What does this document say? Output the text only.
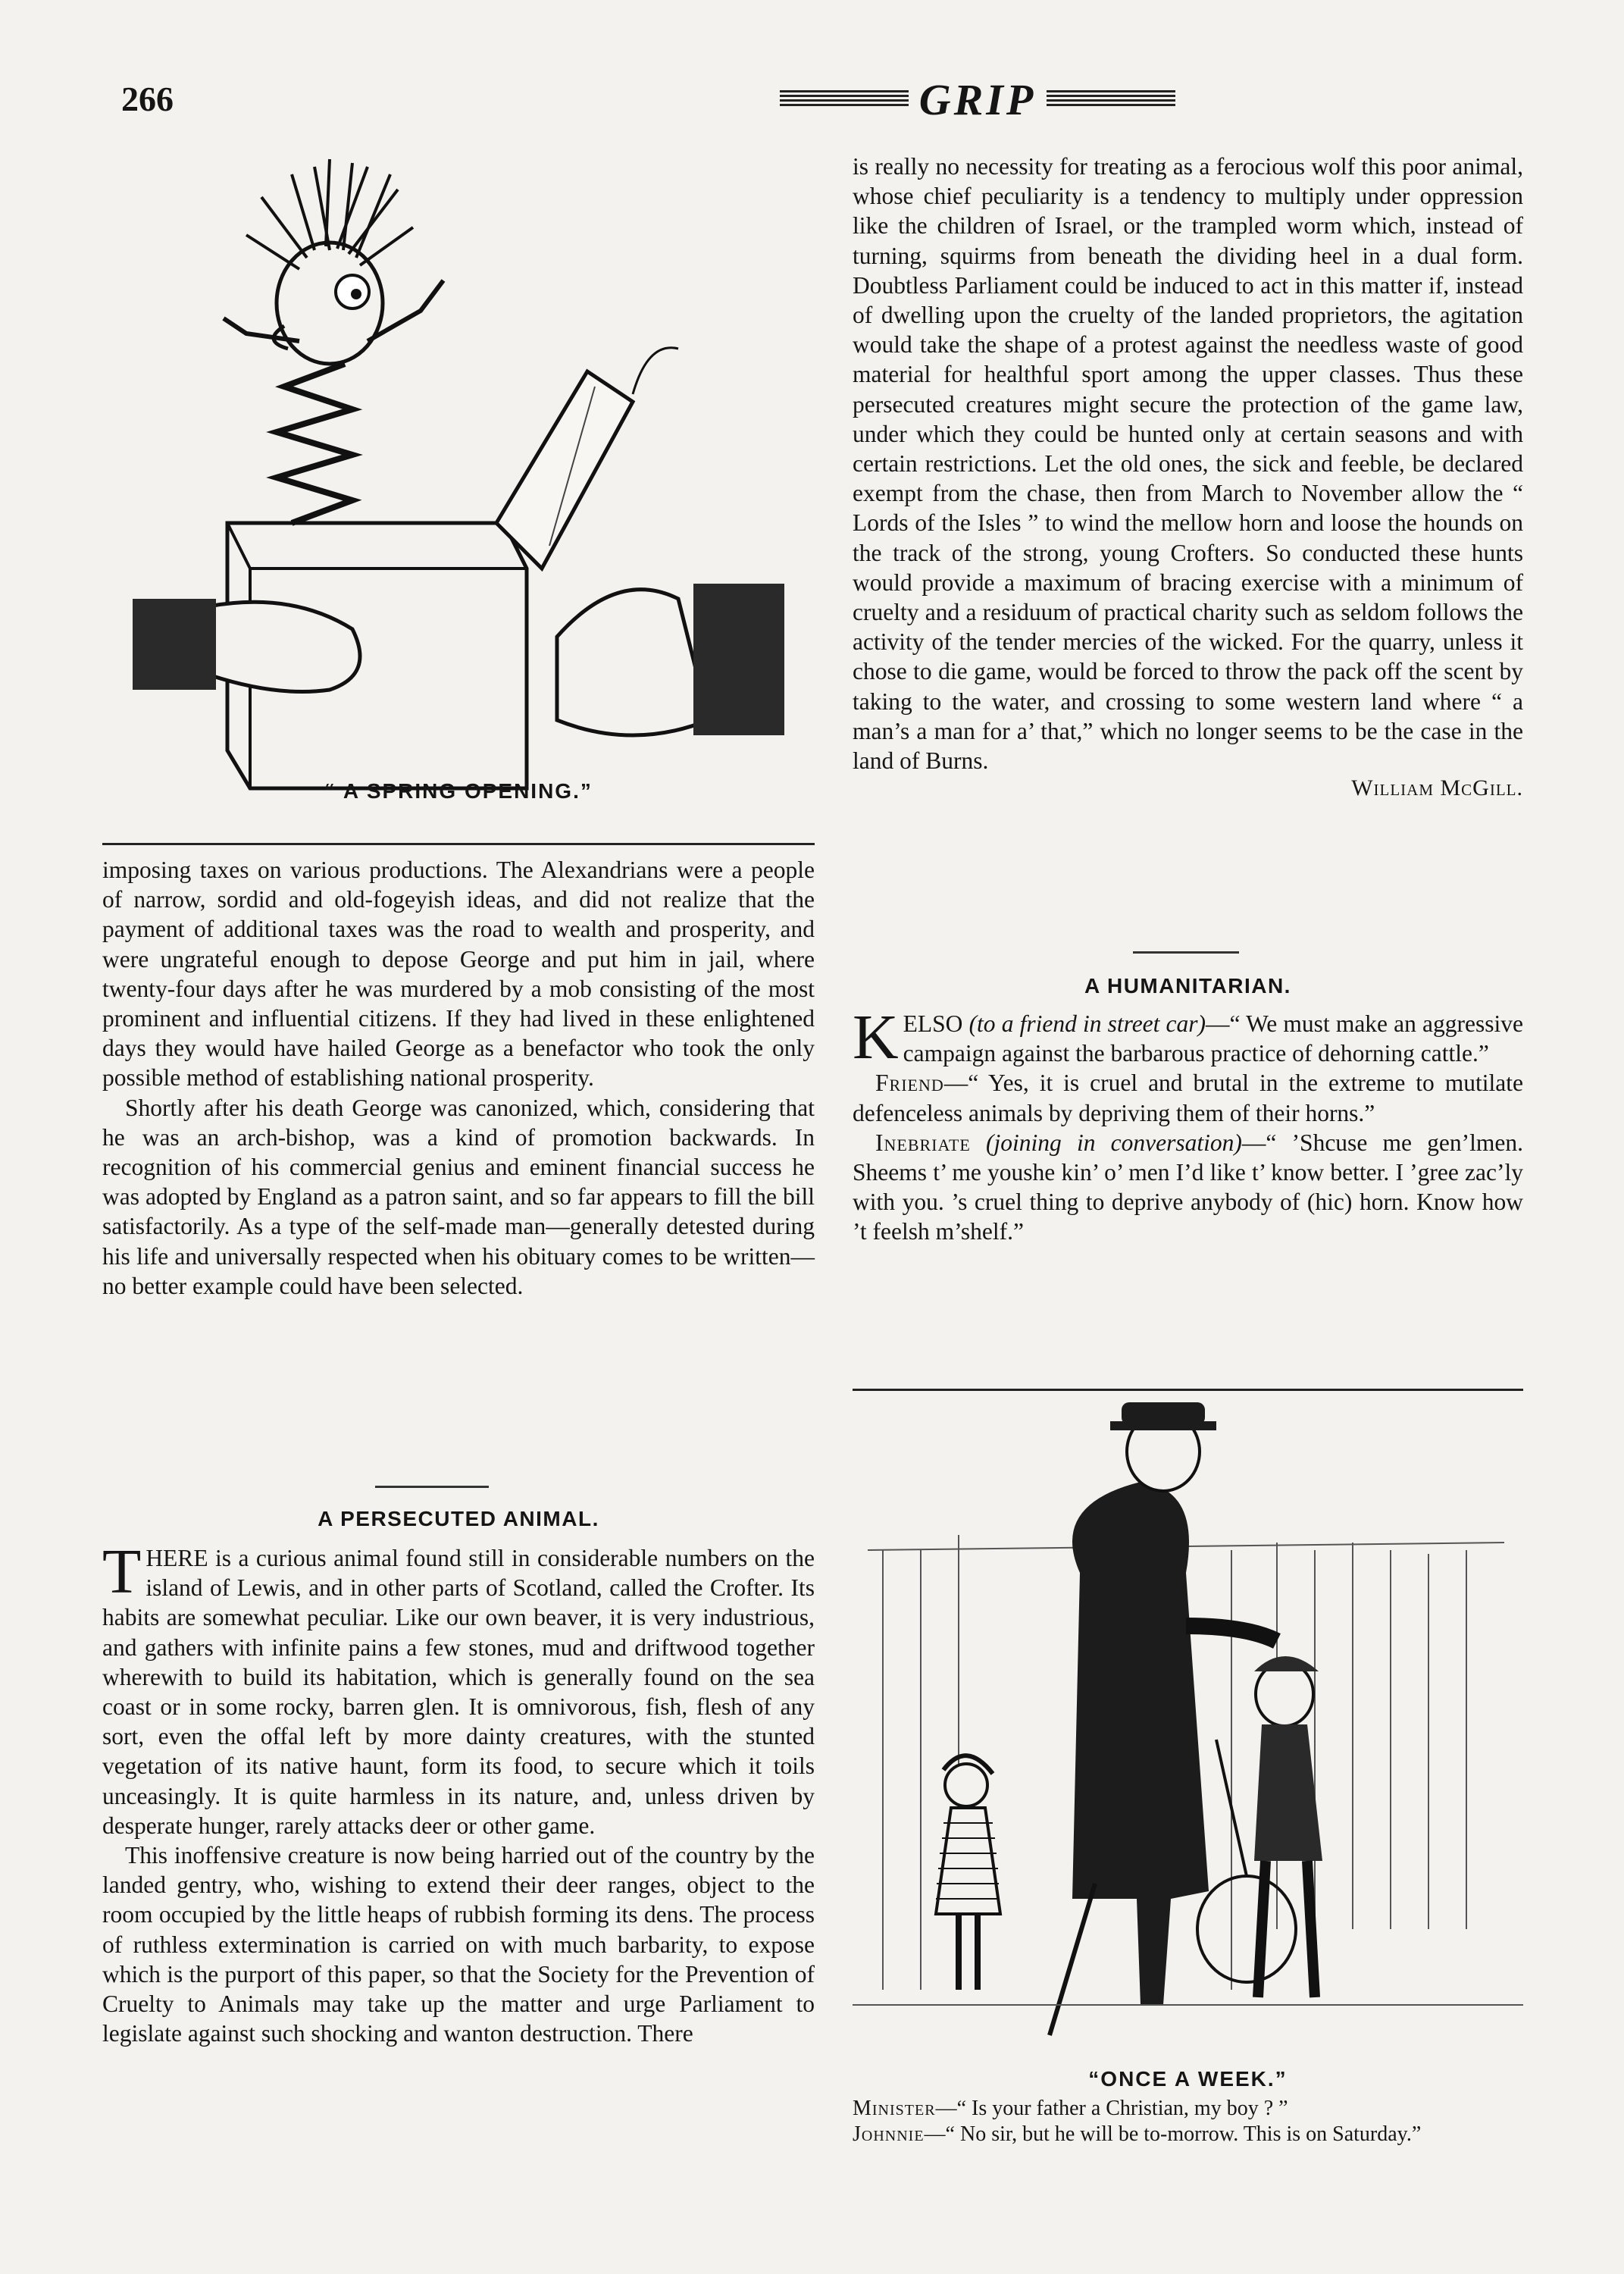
266	GRIP
“ A SPRING OPENING.”

imposing taxes on various productions. The Alexandrians were a people of narrow, sordid and old-fogeyish ideas, and did not realize that the payment of additional taxes was the road to wealth and prosperity, and were ungrateful enough to depose George and put him in jail, where twenty-four days after he was murdered by a mob consisting of the most prominent and influential citizens. If they had lived in these enlightened days they would have hailed George as a benefactor who took the only possible method of establishing national prosperity.

Shortly after his death George was canonized, which, considering that he was an arch-bishop, was a kind of promotion backwards. In recognition of his commercial genius and eminent financial success he was adopted by England as a patron saint, and so far appears to fill the bill satisfactorily. As a type of the self-made man—generally detested during his life and universally respected when his obituary comes to be written—no better example could have been selected.

A PERSECUTED ANIMAL.

T HERE is a curious animal found still in considerable numbers on the island of Lewis, and in other parts of Scotland, called the Crofter. Its habits are somewhat peculiar. Like our own beaver, it is very industrious, and gathers with infinite pains a few stones, mud and driftwood together wherewith to build its habitation, which is generally found on the sea coast or in some rocky, barren glen. It is omnivorous, fish, flesh of any sort, even the offal left by more dainty creatures, with the stunted vegetation of its native haunt, form its food, to secure which it toils unceasingly. It is quite harmless in its nature, and, unless driven by desperate hunger, rarely attacks deer or other game.

This inoffensive creature is now being harried out of the country by the landed gentry, who, wishing to extend their deer ranges, object to the room occupied by the little heaps of rubbish forming its dens. The process of ruthless extermination is carried on with much barbarity, to expose which is the purport of this paper, so that the Society for the Prevention of Cruelty to Animals may take up the matter and urge Parliament to legislate against such shocking and wanton destruction. There

is really no necessity for treating as a ferocious wolf this poor animal, whose chief peculiarity is a tendency to multiply under oppression like the children of Israel, or the trampled worm which, instead of turning, squirms from beneath the dividing heel in a dual form. Doubtless Parliament could be induced to act in this matter if, instead of dwelling upon the cruelty of the landed proprietors, the agitation would take the shape of a protest against the needless waste of good material for healthful sport among the upper classes. Thus these persecuted creatures might secure the protection of the game law, under which they could be hunted only at certain seasons and with certain restrictions. Let the old ones, the sick and feeble, be declared exempt from the chase, then from March to November allow the “ Lords of the Isles ” to wind the mellow horn and loose the hounds on the track of the strong, young Crofters. So conducted these hunts would provide a maximum of bracing exercise with a minimum of cruelty and a residuum of practical charity such as seldom follows the activity of the tender mercies of the wicked. For the quarry, unless it chose to die game, would be forced to throw the pack off the scent by taking to the water, and crossing to some western land where “ a man’s a man for a’ that,” which no longer seems to be the case in the land of Burns.

William McGill.

A HUMANITARIAN.

K ELSO (to a friend in street car)—“ We must make an aggressive campaign against the barbarous practice of dehorning cattle.”

Friend—“ Yes, it is cruel and brutal in the extreme to mutilate defenceless animals by depriving them of their horns.”

Inebriate (joining in conversation)—“ ’Shcuse me gen’lmen. Sheems t’ me youshe kin’ o’ men I’d like t’ know better. I ’gree zac’ly with you. ’s cruel thing to deprive anybody of (hic) horn. Know how ’t feelsh m’shelf.”

“ONCE A WEEK.”

Minister—“ Is your father a Christian, my boy ? ”

Johnnie—“ No sir, but he will be to-morrow. This is on Saturday.”
